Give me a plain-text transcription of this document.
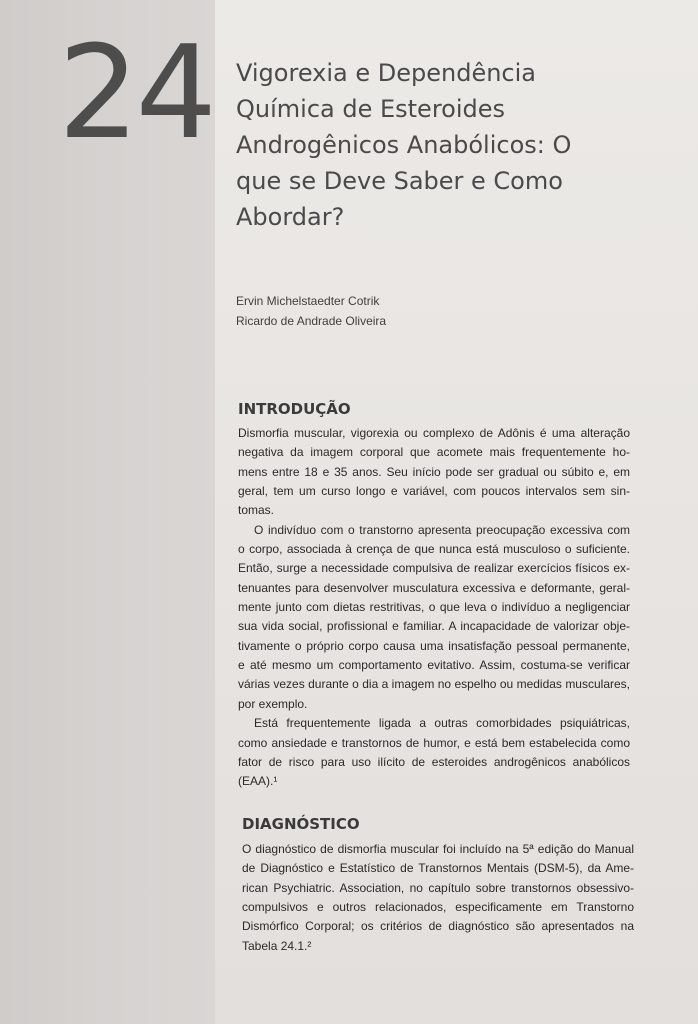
24 Vigorexia e Dependência
Química de Esteroides
Androgênicos Anabólicos: O
que se Deve Saber e Como
Abordar?
Ervin Michelstaedter Cotrik
Ricardo de Andrade Oliveira
INTRODUÇÃO
Dismorfia muscular, vigorexia ou complexo de Adônis é uma alteração
negativa da imagem corporal que acomete mais frequentemente ho-
mens entre 18 e 35 anos. Seu início pode ser gradual ou súbito e, em
geral, tem um curso longo e variável, com poucos intervalos sem sin-
tomas.
O indivíduo com o transtorno apresenta preocupação excessiva com
o corpo, associada à crença de que nunca está musculoso o suficiente.
Então, surge a necessidade compulsiva de realizar exercícios físicos ex-
tenuantes para desenvolver musculatura excessiva e deformante, geral-
mente junto com dietas restritivas, o que leva o indivíduo a negligenciar
sua vida social, profissional e familiar. A incapacidade de valorizar obje-
tivamente o próprio corpo causa uma insatisfação pessoal permanente,
e até mesmo um comportamento evitativo. Assim, costuma-se verificar
várias vezes durante o dia a imagem no espelho ou medidas musculares,
por exemplo.
Está frequentemente ligada a outras comorbidades psiquiátricas,
como ansiedade e transtornos de humor, e está bem estabelecida como
fator de risco para uso ilícito de esteroides androgênicos anabólicos
(EAA).¹
DIAGNÓSTICO
O diagnóstico de dismorfia muscular foi incluído na 5ª edição do Manual
de Diagnóstico e Estatístico de Transtornos Mentais (DSM-5), da Ame-
rican Psychiatric. Association, no capítulo sobre transtornos obsessivo-
compulsivos e outros relacionados, especificamente em Transtorno
Dismórfico Corporal; os critérios de diagnóstico são apresentados na
Tabela 24.1.²
